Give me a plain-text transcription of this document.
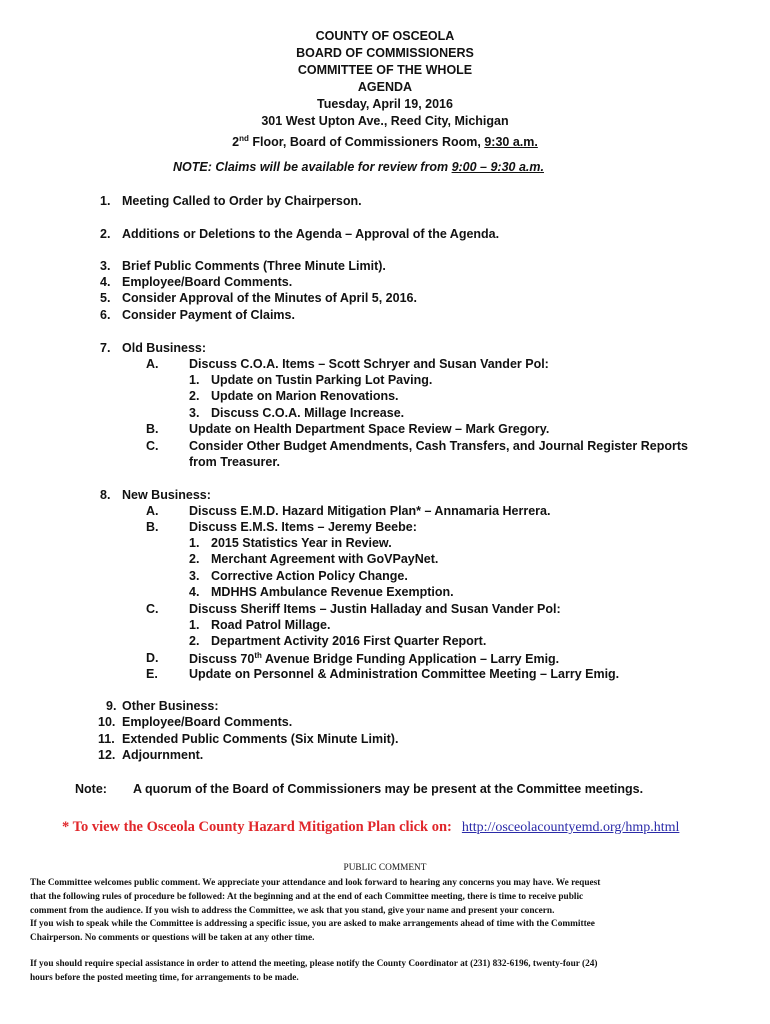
COUNTY OF OSCEOLA
BOARD OF COMMISSIONERS
COMMITTEE OF THE WHOLE
AGENDA
Tuesday, April 19, 2016
301 West Upton Ave., Reed City, Michigan
2nd Floor, Board of Commissioners Room, 9:30 a.m.
NOTE: Claims will be available for review from 9:00 – 9:30 a.m.
1. Meeting Called to Order by Chairperson.
2. Additions or Deletions to the Agenda – Approval of the Agenda.
3. Brief Public Comments (Three Minute Limit).
4. Employee/Board Comments.
5. Consider Approval of the Minutes of April 5, 2016.
6. Consider Payment of Claims.
7. Old Business:
A. Discuss C.O.A. Items – Scott Schryer and Susan Vander Pol:
1. Update on Tustin Parking Lot Paving.
2. Update on Marion Renovations.
3. Discuss C.O.A. Millage Increase.
B. Update on Health Department Space Review – Mark Gregory.
C. Consider Other Budget Amendments, Cash Transfers, and Journal Register Reports
from Treasurer.
8. New Business:
A. Discuss E.M.D. Hazard Mitigation Plan* – Annamaria Herrera.
B. Discuss E.M.S. Items – Jeremy Beebe:
1. 2015 Statistics Year in Review.
2. Merchant Agreement with GoVPayNet.
3. Corrective Action Policy Change.
4. MDHHS Ambulance Revenue Exemption.
C. Discuss Sheriff Items – Justin Halladay and Susan Vander Pol:
1. Road Patrol Millage.
2. Department Activity 2016 First Quarter Report.
D. Discuss 70th Avenue Bridge Funding Application – Larry Emig.
E. Update on Personnel & Administration Committee Meeting – Larry Emig.
9. Other Business:
10. Employee/Board Comments.
11. Extended Public Comments (Six Minute Limit).
12. Adjournment.
Note: A quorum of the Board of Commissioners may be present at the Committee meetings.
* To view the Osceola County Hazard Mitigation Plan click on: http://osceolacountyemd.org/hmp.html
PUBLIC COMMENT
The Committee welcomes public comment. We appreciate your attendance and look forward to hearing any concerns you may have. We request
that the following rules of procedure be followed: At the beginning and at the end of each Committee meeting, there is time to receive public
comment from the audience. If you wish to address the Committee, we ask that you stand, give your name and present your concern.
If you wish to speak while the Committee is addressing a specific issue, you are asked to make arrangements ahead of time with the Committee
Chairperson. No comments or questions will be taken at any other time.
If you should require special assistance in order to attend the meeting, please notify the County Coordinator at (231) 832-6196, twenty-four (24)
hours before the posted meeting time, for arrangements to be made.
